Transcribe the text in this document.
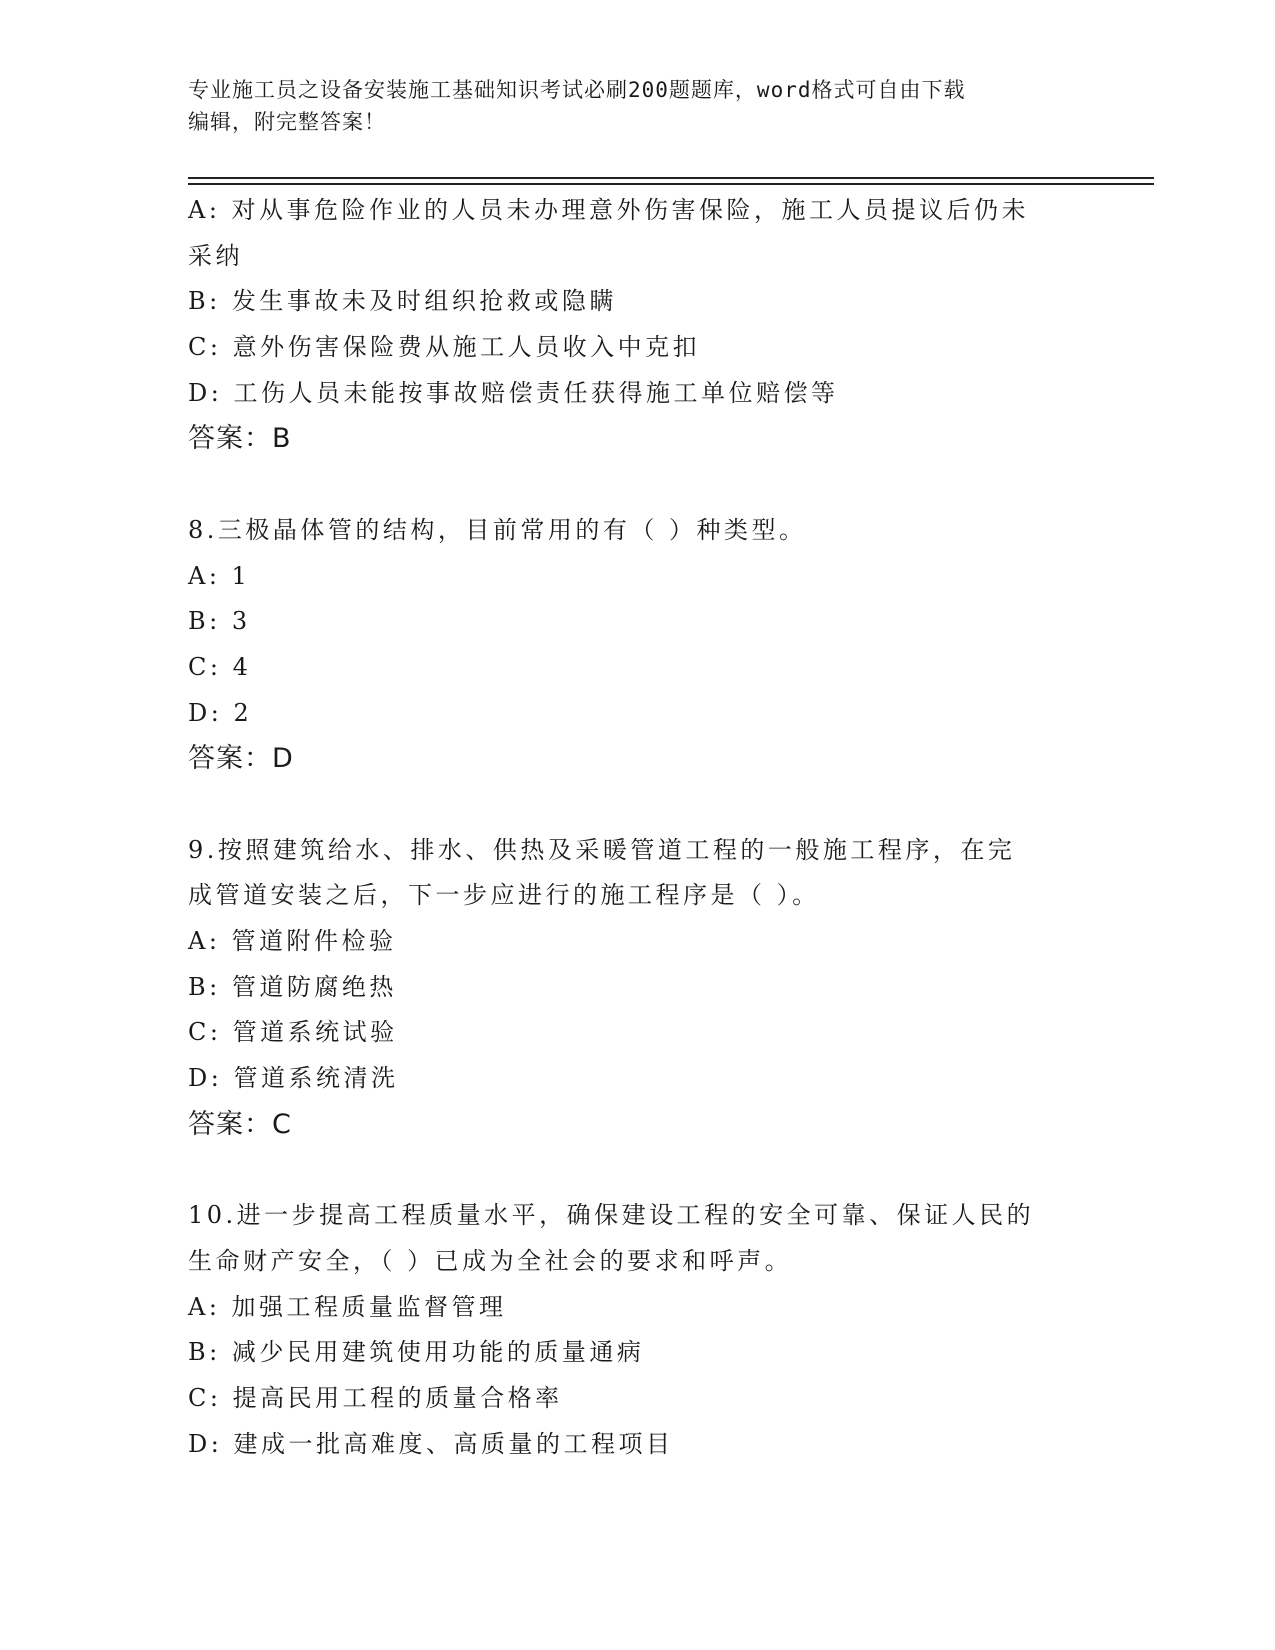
专业施工员之设备安装施工基础知识考试必刷200题题库，word格式可自由下载
编辑，附完整答案！
A: 对从事危险作业的人员未办理意外伤害保险，施工人员提议后仍未
采纳
B: 发生事故未及时组织抢救或隐瞒
C: 意外伤害保险费从施工人员收入中克扣
D: 工伤人员未能按事故赔偿责任获得施工单位赔偿等
答案：B
8.三极晶体管的结构，目前常用的有（ ）种类型。
A: 1
B: 3
C: 4
D: 2
答案：D
9.按照建筑给水、排水、供热及采暖管道工程的一般施工程序，在完
成管道安装之后，下一步应进行的施工程序是（ ）。
A: 管道附件检验
B: 管道防腐绝热
C: 管道系统试验
D: 管道系统清洗
答案：C
10.进一步提高工程质量水平，确保建设工程的安全可靠、保证人民的
生命财产安全，（ ）已成为全社会的要求和呼声。
A: 加强工程质量监督管理
B: 减少民用建筑使用功能的质量通病
C: 提高民用工程的质量合格率
D: 建成一批高难度、高质量的工程项目
